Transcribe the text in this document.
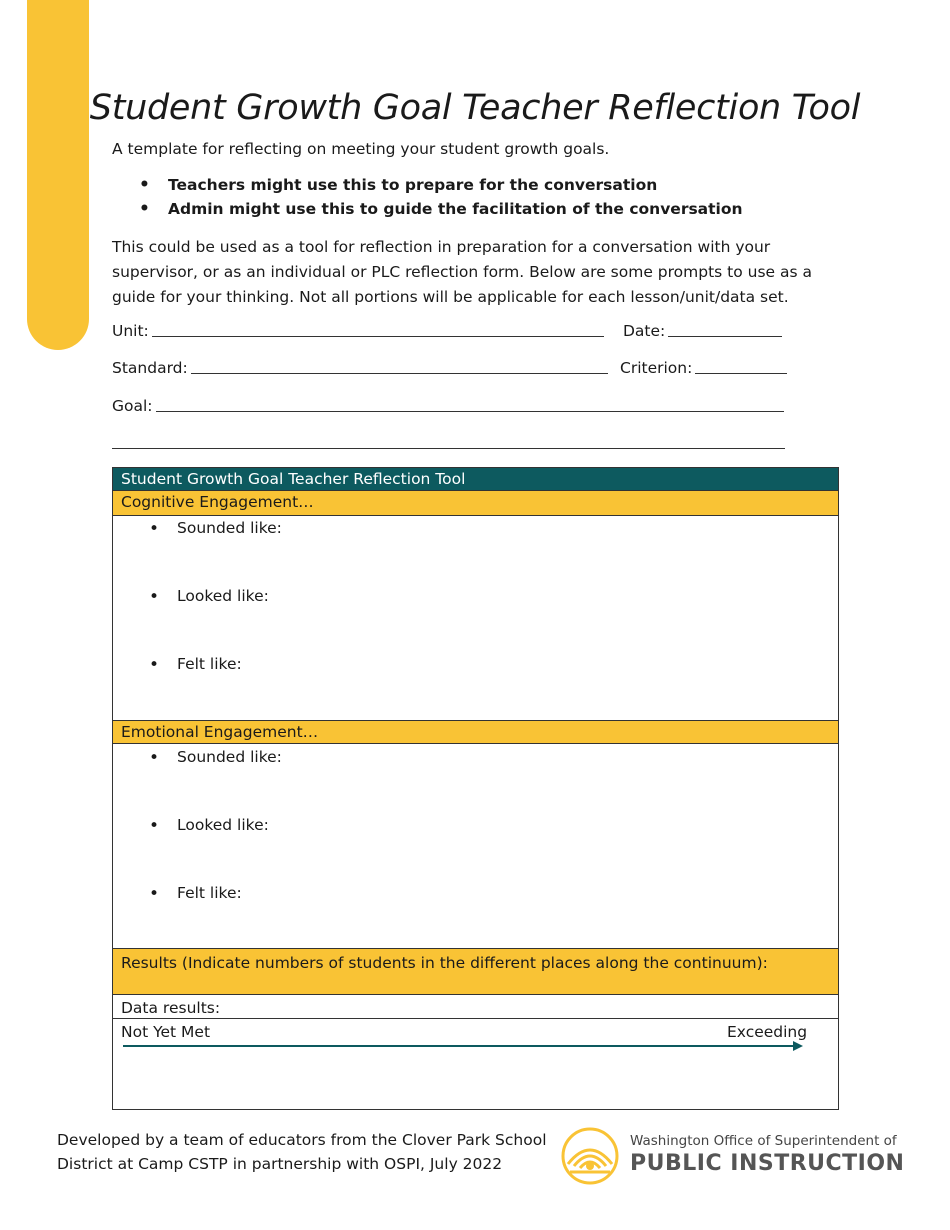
Student Growth Goal Teacher Reflection Tool

A template for reflecting on meeting your student growth goals.

• Teachers might use this to prepare for the conversation
• Admin might use this to guide the facilitation of the conversation

This could be used as a tool for reflection in preparation for a conversation with your supervisor, or as an individual or PLC reflection form. Below are some prompts to use as a guide for your thinking. Not all portions will be applicable for each lesson/unit/data set.

Unit:	Date:
Standard:	Criterion:
Goal:
Student Growth Goal Teacher Reflection Tool
Cognitive Engagement…
• Sounded like:
• Looked like:
• Felt like:
Emotional Engagement…
• Sounded like:
• Looked like:
• Felt like:
Results (Indicate numbers of students in the different places along the continuum):
Data results:
Not Yet Met	Exceeding
Developed by a team of educators from the Clover Park School District at Camp CSTP in partnership with OSPI, July 2022
Washington Office of Superintendent of
PUBLIC INSTRUCTION
